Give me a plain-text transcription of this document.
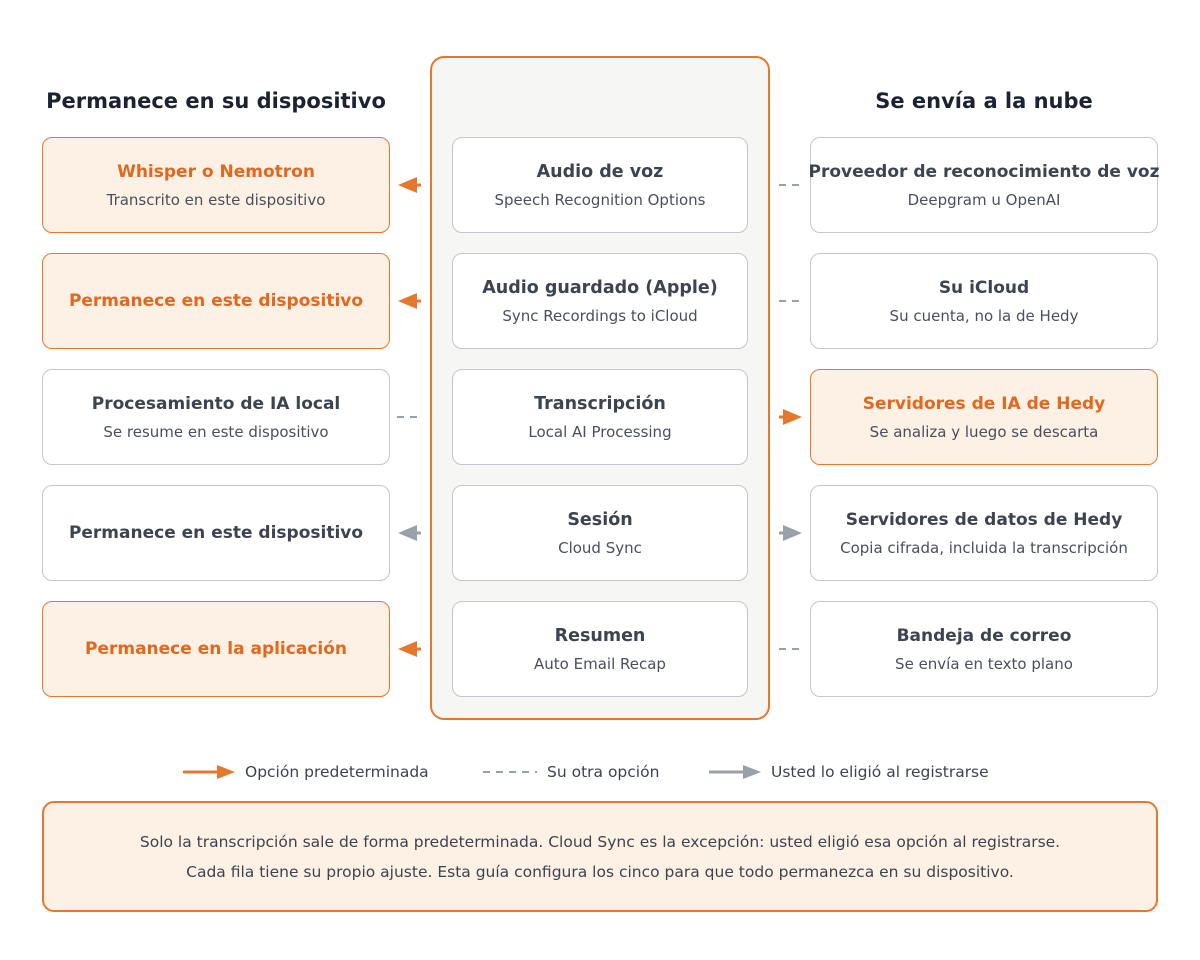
Permanece en su dispositivo	Se envía a la nube
Whisper o Nemotron
Transcrito en este dispositivo
Audio de voz
Speech Recognition Options
Proveedor de reconocimiento de voz
Deepgram u OpenAI
Permanece en este dispositivo
Audio guardado (Apple)
Sync Recordings to iCloud
Su iCloud
Su cuenta, no la de Hedy
Procesamiento de IA local
Se resume en este dispositivo
Transcripción
Local AI Processing
Servidores de IA de Hedy
Se analiza y luego se descarta
Permanece en este dispositivo
Sesión
Cloud Sync
Servidores de datos de Hedy
Copia cifrada, incluida la transcripción
Permanece en la aplicación
Resumen
Auto Email Recap
Bandeja de correo
Se envía en texto plano
Opción predeterminada	Su otra opción	Usted lo eligió al registrarse
Solo la transcripción sale de forma predeterminada. Cloud Sync es la excepción: usted eligió esa opción al registrarse.
Cada fila tiene su propio ajuste. Esta guía configura los cinco para que todo permanezca en su dispositivo.
